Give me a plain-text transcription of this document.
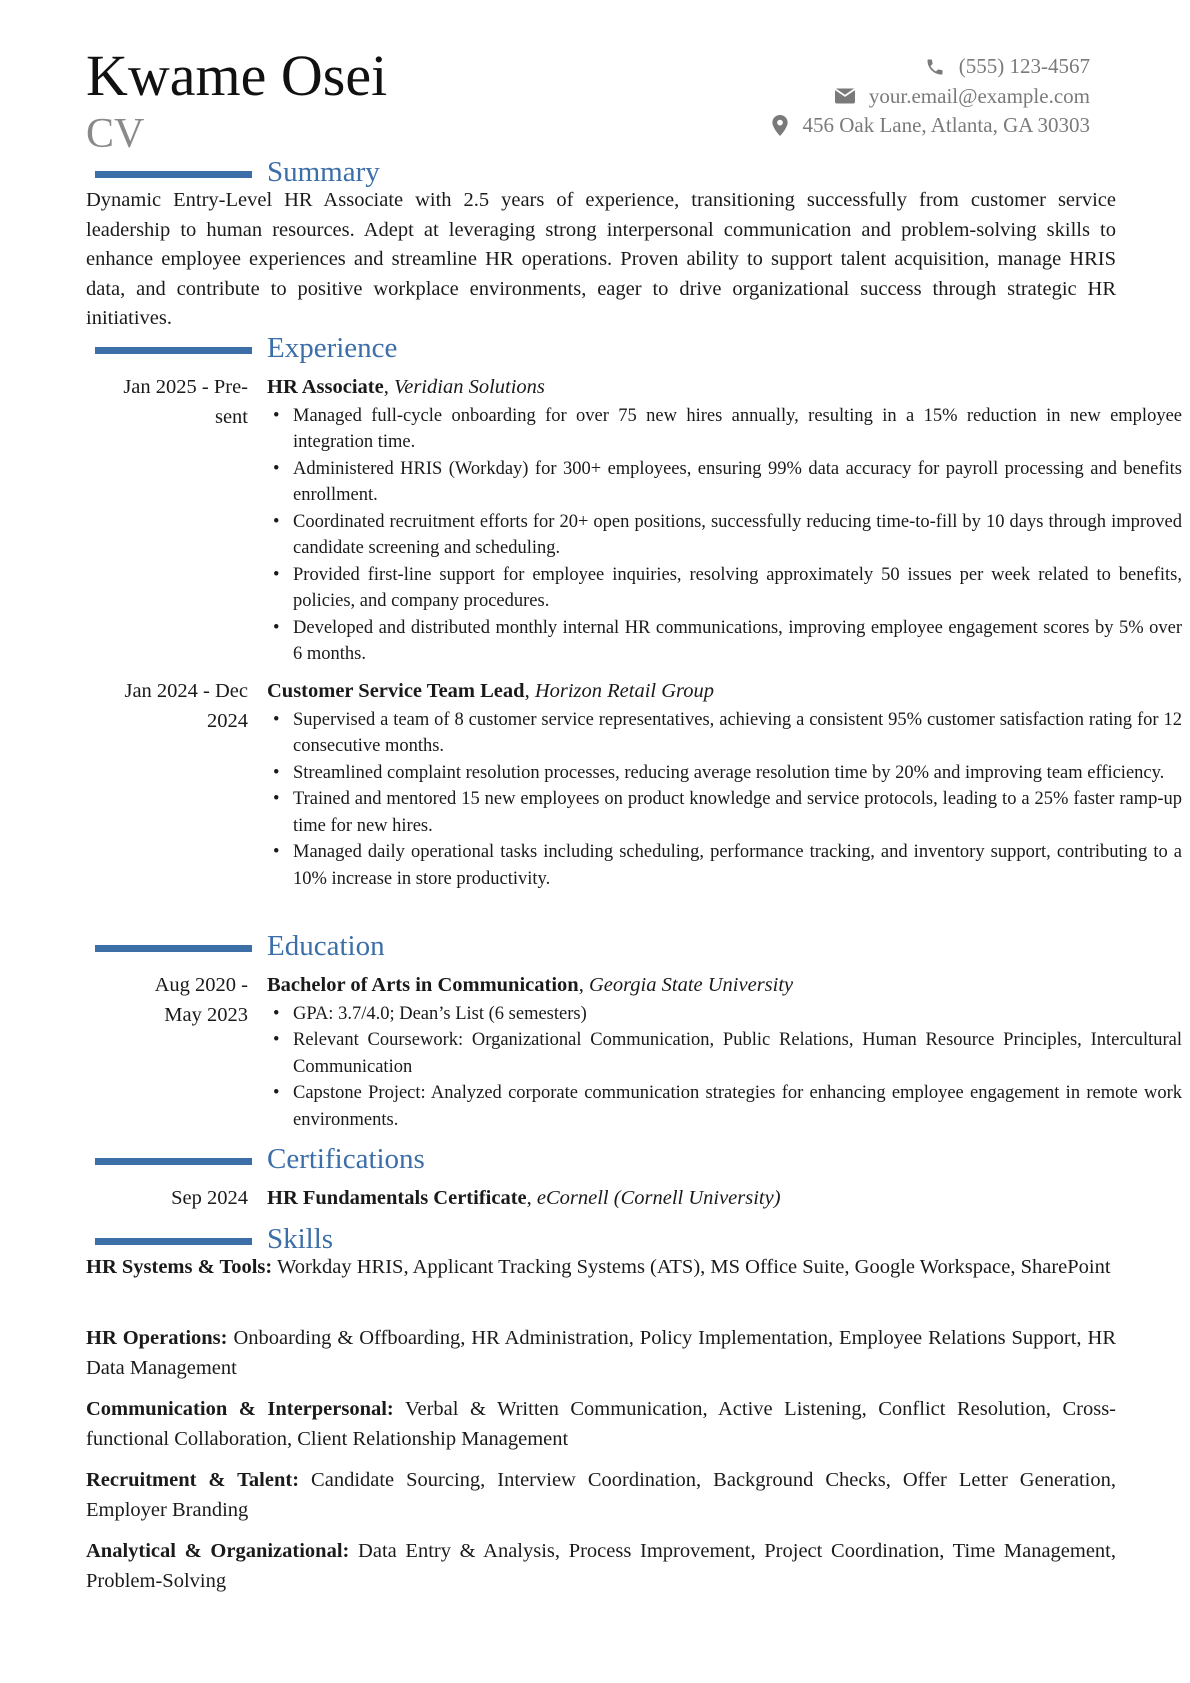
Kwame Osei
CV
(555) 123-4567
your.email@example.com
456 Oak Lane, Atlanta, GA 30303
Summary
Dynamic Entry-Level HR Associate with 2.5 years of experience, transitioning successfully from customer service leadership to human resources. Adept at leveraging strong interpersonal communication and problem-solving skills to enhance employee experiences and streamline HR operations. Proven ability to support talent acquisition, manage HRIS data, and contribute to positive workplace environments, eager to drive organizational success through strategic HR initiatives.
Experience
Jan 2025 - Pre-
sent
HR Associate, Veridian Solutions
• Managed full-cycle onboarding for over 75 new hires annually, resulting in a 15% reduction in new employee integration time.
• Administered HRIS (Workday) for 300+ employees, ensuring 99% data accuracy for payroll processing and benefits enrollment.
• Coordinated recruitment efforts for 20+ open positions, successfully reducing time-to-fill by 10 days through improved candidate screening and scheduling.
• Provided first-line support for employee inquiries, resolving approximately 50 issues per week related to benefits, policies, and company procedures.
• Developed and distributed monthly internal HR communications, improving employee engagement scores by 5% over 6 months.
Jan 2024 - Dec
2024
Customer Service Team Lead, Horizon Retail Group
• Supervised a team of 8 customer service representatives, achieving a consistent 95% customer satisfaction rating for 12 consecutive months.
• Streamlined complaint resolution processes, reducing average resolution time by 20% and improving team efficiency.
• Trained and mentored 15 new employees on product knowledge and service protocols, leading to a 25% faster ramp-up time for new hires.
• Managed daily operational tasks including scheduling, performance tracking, and inventory support, contributing to a 10% increase in store productivity.
Education
Aug 2020 -
May 2023
Bachelor of Arts in Communication, Georgia State University
• GPA: 3.7/4.0; Dean’s List (6 semesters)
• Relevant Coursework: Organizational Communication, Public Relations, Human Resource Principles, Intercultural Communication
• Capstone Project: Analyzed corporate communication strategies for enhancing employee engagement in remote work environments.
Certifications
Sep 2024 HR Fundamentals Certificate, eCornell (Cornell University)
Skills
HR Systems & Tools: Workday HRIS, Applicant Tracking Systems (ATS), MS Office Suite, Google Workspace, SharePoint
HR Operations: Onboarding & Offboarding, HR Administration, Policy Implementation, Employee Relations Support, HR Data Management
Communication & Interpersonal: Verbal & Written Communication, Active Listening, Conflict Resolution, Cross-functional Collaboration, Client Relationship Management
Recruitment & Talent: Candidate Sourcing, Interview Coordination, Background Checks, Offer Letter Generation, Employer Branding
Analytical & Organizational: Data Entry & Analysis, Process Improvement, Project Coordination, Time Management, Problem-Solving
